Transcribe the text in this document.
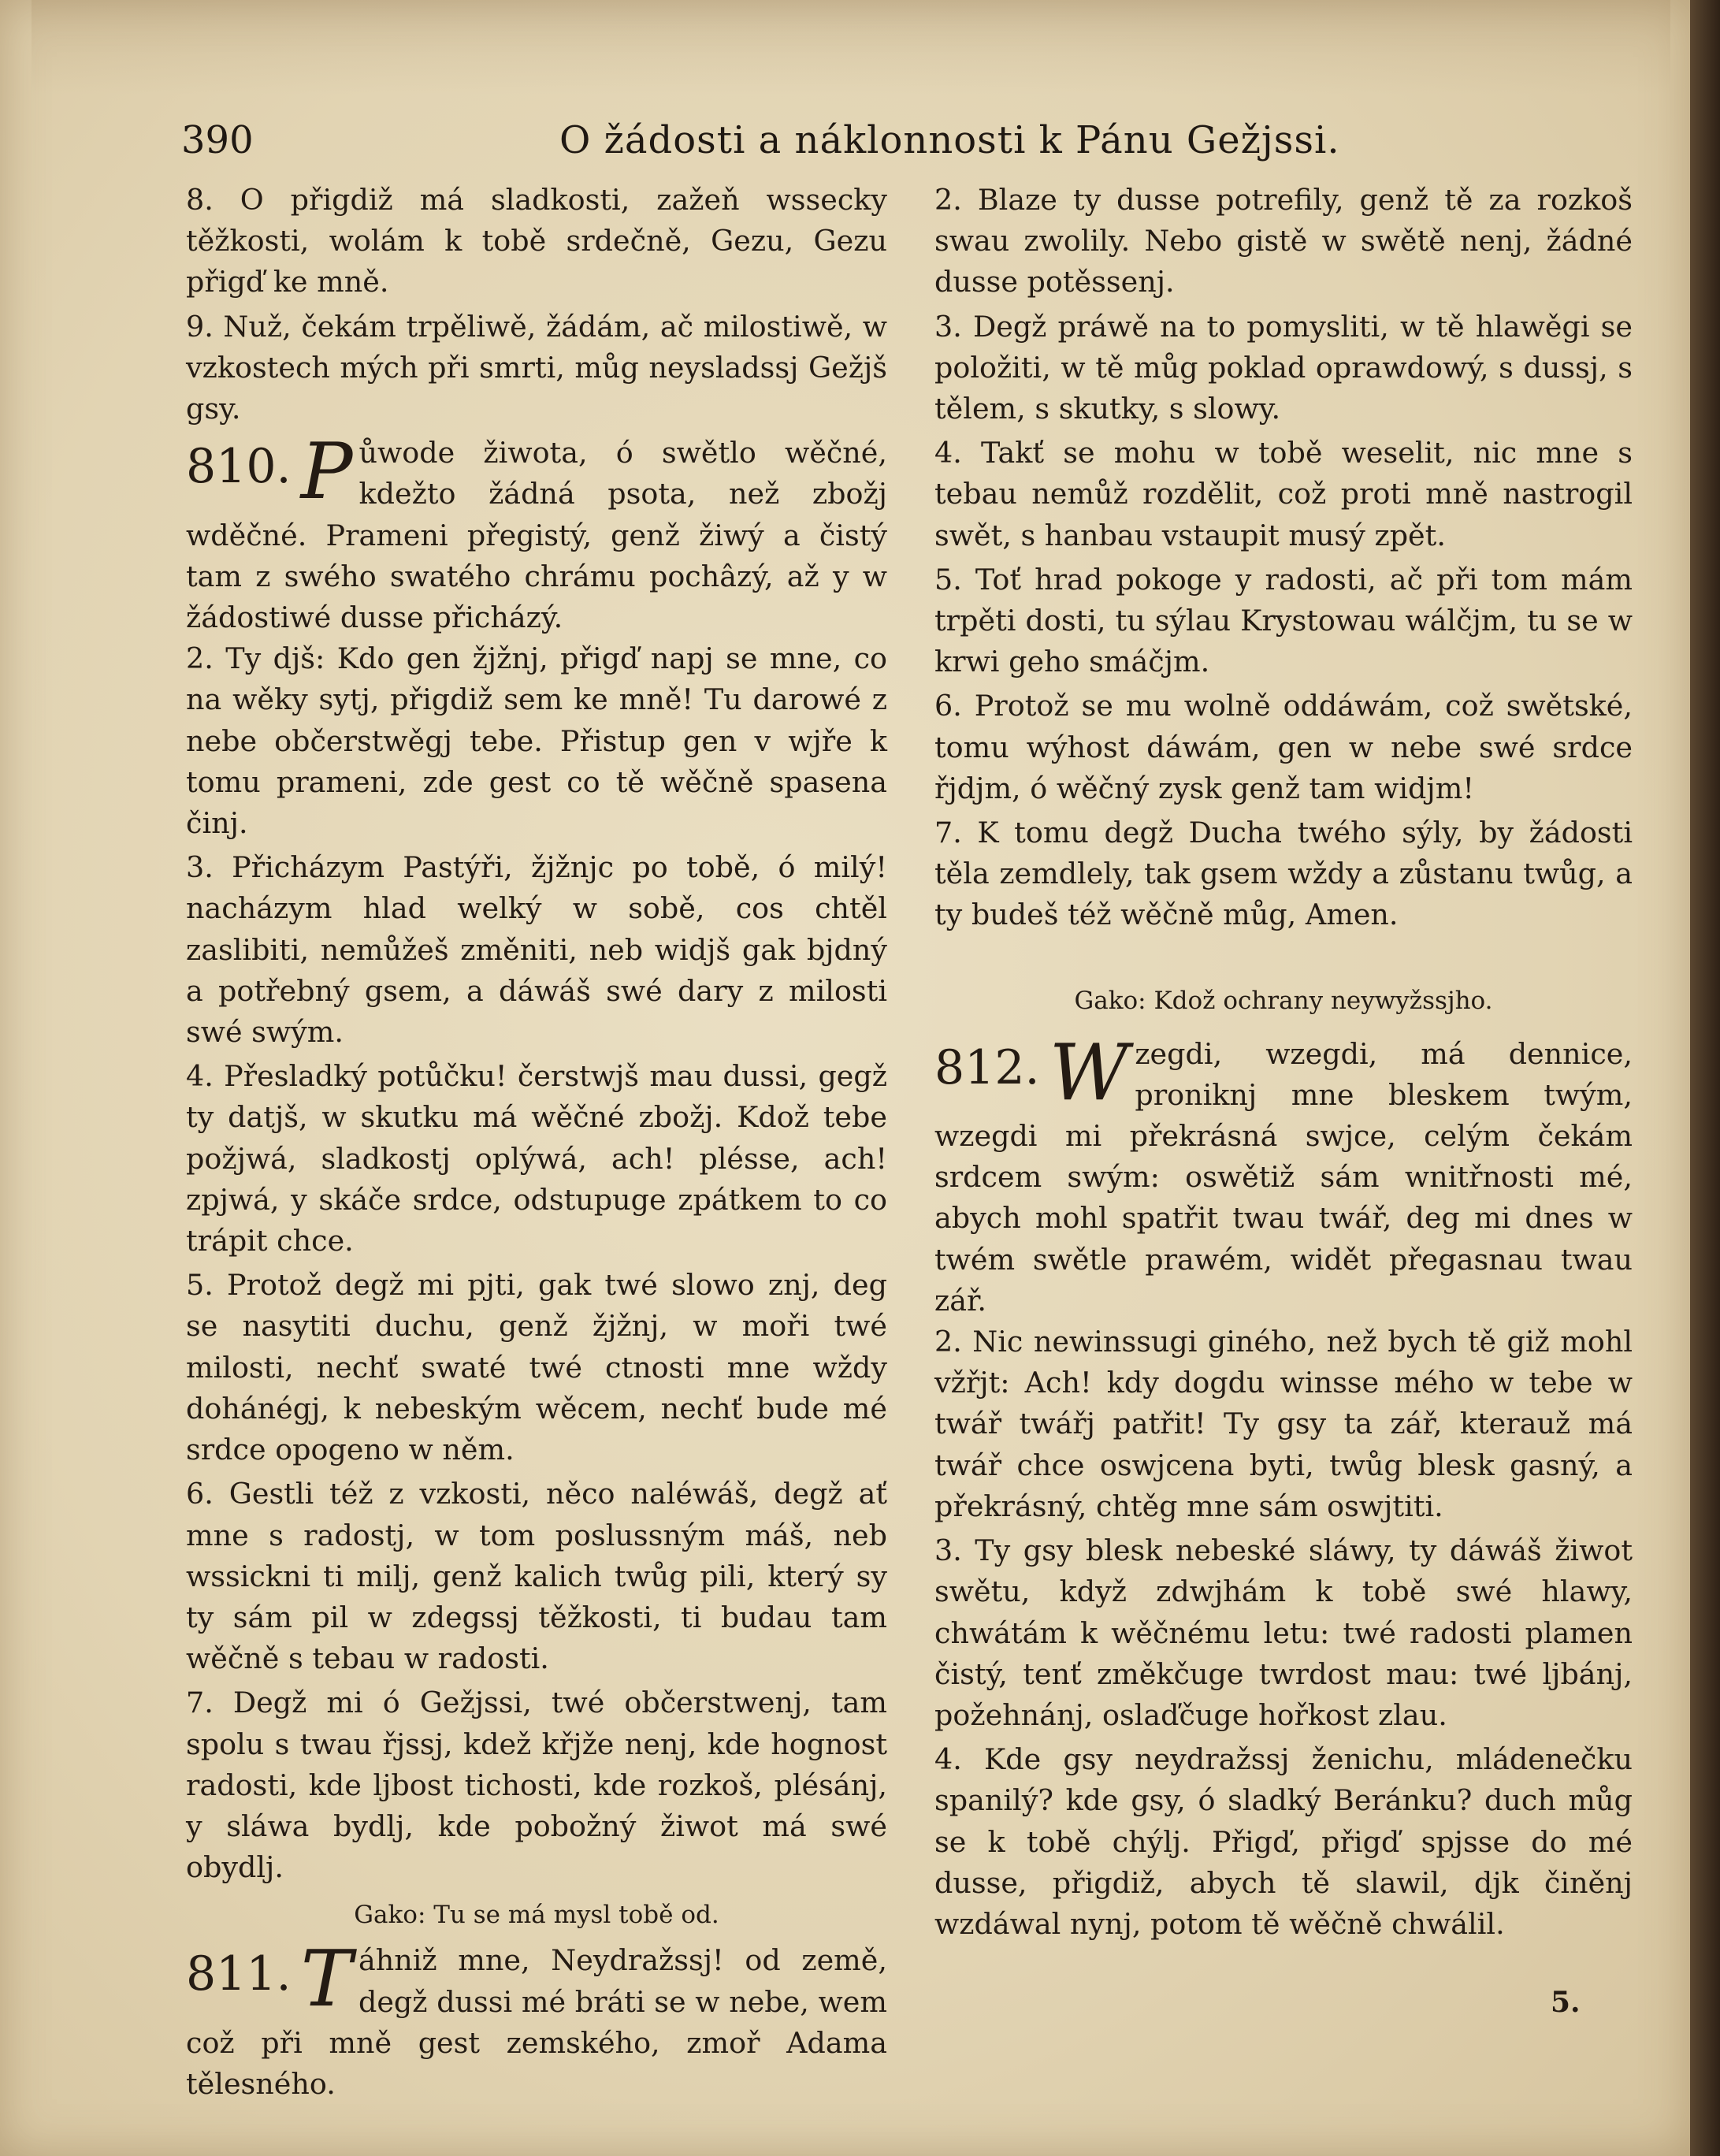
390	O žádosti a náklonnosti k Pánu Gežjssi.

8. O přigdiž má sladkosti, zažeň wssecky těžkosti, wolám k tobě srdečně, Gezu, Gezu přigď ke mně.

9. Nuž, čekám trpěliwě, žádám, ač milostiwě, w vzkostech mých při smrti, můg neysladssj Gežjš gsy.

810. P ůwode žiwota, ó swětlo wěčné, kdežto žádná psota, než zbožj wděčné. Prameni přegistý, genž žiwý a čistý tam z swého swatého chrámu pochâzý, až y w žádostiwé dusse přicházý.

2. Ty djš: Kdo gen žjžnj, přigď napj se mne, co na wěky sytj, přigdiž sem ke mně! Tu darowé z nebe občerstwěgj tebe. Přistup gen v wjře k tomu prameni, zde gest co tě wěčně spasena činj.

3. Přicházym Pastýři, žjžnjc po tobě, ó milý! nacházym hlad welký w sobě, cos chtěl zaslibiti, nemůžeš změniti, neb widjš gak bjdný a potřebný gsem, a dáwáš swé dary z milosti swé swým.

4. Přesladký potůčku! čerstwjš mau dussi, gegž ty datjš, w skutku má wěčné zbožj. Kdož tebe požjwá, sladkostj oplýwá, ach! plésse, ach! zpjwá, y skáče srdce, odstupuge zpátkem to co trápit chce.

5. Protož degž mi pjti, gak twé slowo znj, deg se nasytiti duchu, genž žjžnj, w moři twé milosti, nechť swaté twé ctnosti mne wždy dohánégj, k nebeským wěcem, nechť bude mé srdce opogeno w něm.

6. Gestli též z vzkosti, něco naléwáš, degž ať mne s radostj, w tom poslussným máš, neb wssickni ti milj, genž kalich twůg pili, který sy ty sám pil w zdegssj těžkosti, ti budau tam wěčně s tebau w radosti.

7. Degž mi ó Gežjssi, twé občerstwenj, tam spolu s twau řjssj, kdež křjže nenj, kde hognost radosti, kde ljbost tichosti, kde rozkoš, plésánj, y sláwa bydlj, kde pobožný žiwot má swé obydlj.

Gako: Tu se má mysl tobě od.
811. T áhniž mne, Neydražssj! od země, degž dussi mé bráti se w nebe, wem což při mně gest zemského, zmoř Adama tělesného.

2. Blaze ty dusse potrefily, genž tě za rozkoš swau zwolily. Nebo gistě w swětě nenj, žádné dusse potěssenj.

3. Degž práwě na to pomysliti, w tě hlawěgi se položiti, w tě můg poklad oprawdowý, s dussj, s tělem, s skutky, s slowy.

4. Takť se mohu w tobě weselit, nic mne s tebau nemůž rozdělit, což proti mně nastrogil swět, s hanbau vstaupit musý zpět.

5. Toť hrad pokoge y radosti, ač při tom mám trpěti dosti, tu sýlau Krystowau wálčjm, tu se w krwi geho smáčjm.

6. Protož se mu wolně oddáwám, což swětské, tomu wýhost dáwám, gen w nebe swé srdce řjdjm, ó wěčný zysk genž tam widjm!

7. K tomu degž Ducha twého sýly, by žádosti těla zemdlely, tak gsem wždy a zůstanu twůg, a ty budeš též wěčně můg, Amen.

Gako: Kdož ochrany neywyžssjho.
812. W zegdi, wzegdi, má dennice, proniknj mne bleskem twým, wzegdi mi překrásná swjce, celým čekám srdcem swým: oswětiž sám wnitřnosti mé, abych mohl spatřit twau twář, deg mi dnes w twém swětle prawém, widět přegasnau twau zář.

2. Nic newinssugi giného, než bych tě giž mohl vžřjt: Ach! kdy dogdu winsse mého w tebe w twář twářj patřit! Ty gsy ta zář, kterauž má twář chce oswjcena byti, twůg blesk gasný, a překrásný, chtěg mne sám oswjtiti.

3. Ty gsy blesk nebeské sláwy, ty dáwáš žiwot swětu, když zdwjhám k tobě swé hlawy, chwátám k wěčnému letu: twé radosti plamen čistý, tenť změkčuge twrdost mau: twé ljbánj, požehnánj, oslaďčuge hořkost zlau.

4. Kde gsy neydražssj ženichu, mládenečku spanilý? kde gsy, ó sladký Beránku? duch můg se k tobě chýlj. Přigď, přigď spjsse do mé dusse, přigdiž, abych tě slawil, djk činěnj wzdáwal nynj, potom tě wěčně chwálil.

5.
